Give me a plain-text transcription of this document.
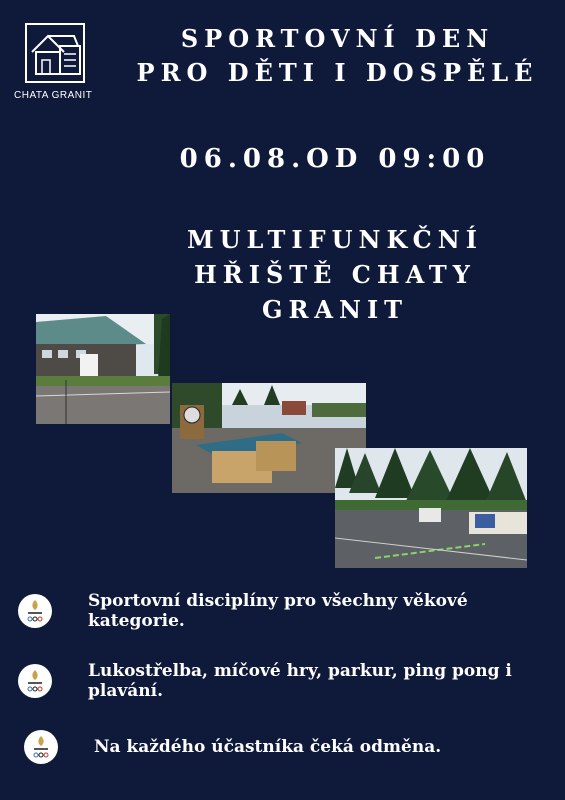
CHATA GRANIT
SPORTOVNÍ DEN
PRO DĚTI I DOSPĚLÉ
06.08.OD 09:00
MULTIFUNKČNÍ
HŘIŠTĚ CHATY
GRANIT
Sportovní disciplíny pro všechny věkové kategorie.
Lukostřelba, míčové hry, parkur, ping pong i plavání.
Na každého účastníka čeká odměna.
